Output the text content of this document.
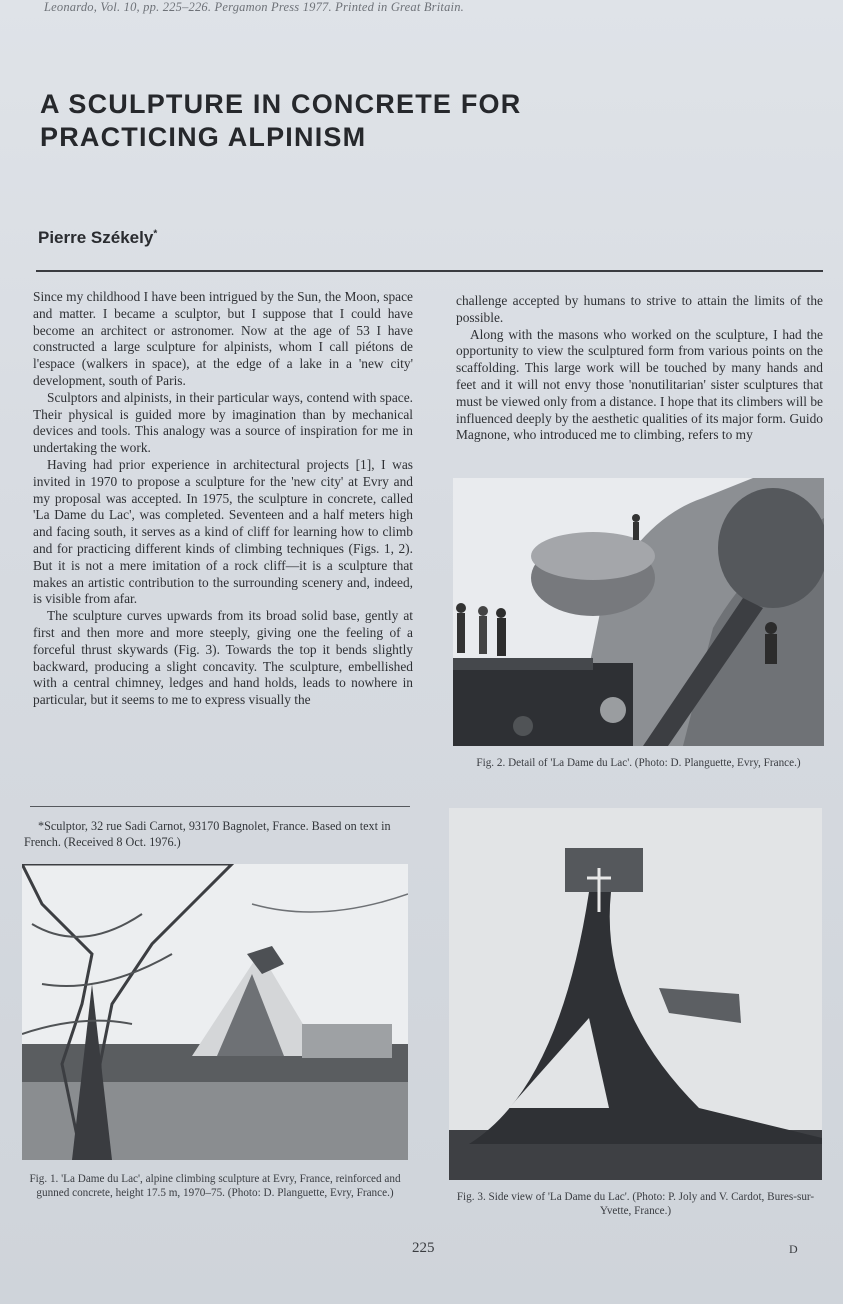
Leonardo, Vol. 10, pp. 225–226. Pergamon Press 1977. Printed in Great Britain.
A SCULPTURE IN CONCRETE FOR
PRACTICING ALPINISM
Pierre Székely*

Since my childhood I have been intrigued by the Sun, the Moon, space and matter. I became a sculptor, but I suppose that I could have become an architect or astronomer. Now at the age of 53 I have constructed a large sculpture for alpinists, whom I call piétons de l'espace (walkers in space), at the edge of a lake in a 'new city' development, south of Paris.

Sculptors and alpinists, in their particular ways, contend with space. Their physical is guided more by imagination than by mechanical devices and tools. This analogy was a source of inspiration for me in undertaking the work.

Having had prior experience in architectural projects [1], I was invited in 1970 to propose a sculpture for the 'new city' at Evry and my proposal was accepted. In 1975, the sculpture in concrete, called 'La Dame du Lac', was completed. Seventeen and a half meters high and facing south, it serves as a kind of cliff for learning how to climb and for practicing different kinds of climbing techniques (Figs. 1, 2). But it is not a mere imitation of a rock cliff—it is a sculpture that makes an artistic contribution to the surrounding scenery and, indeed, is visible from afar.

The sculpture curves upwards from its broad solid base, gently at first and then more and more steeply, giving one the feeling of a forceful thrust skywards (Fig. 3). Towards the top it bends slightly backward, producing a slight concavity. The sculpture, embellished with a central chimney, ledges and hand holds, leads to nowhere in particular, but it seems to me to express visually the

challenge accepted by humans to strive to attain the limits of the possible.

Along with the masons who worked on the sculpture, I had the opportunity to view the sculptured form from various points on the scaffolding. This large work will be touched by many hands and feet and it will not envy those 'nonutilitarian' sister sculptures that must be viewed only from a distance. I hope that its climbers will be influenced deeply by the aesthetic qualities of its major form. Guido Magnone, who introduced me to climbing, refers to my

*Sculptor, 32 rue Sadi Carnot, 93170 Bagnolet, France. Based on text in French. (Received 8 Oct. 1976.)
Fig. 2. Detail of 'La Dame du Lac'. (Photo: D. Planguette, Evry, France.)
Fig. 1. 'La Dame du Lac', alpine climbing sculpture at Evry, France, reinforced and gunned concrete, height 17.5 m, 1970–75. (Photo: D. Planguette, Evry, France.)	Fig. 3. Side view of 'La Dame du Lac'. (Photo: P. Joly and V. Cardot, Bures-sur-Yvette, France.)
225	D
